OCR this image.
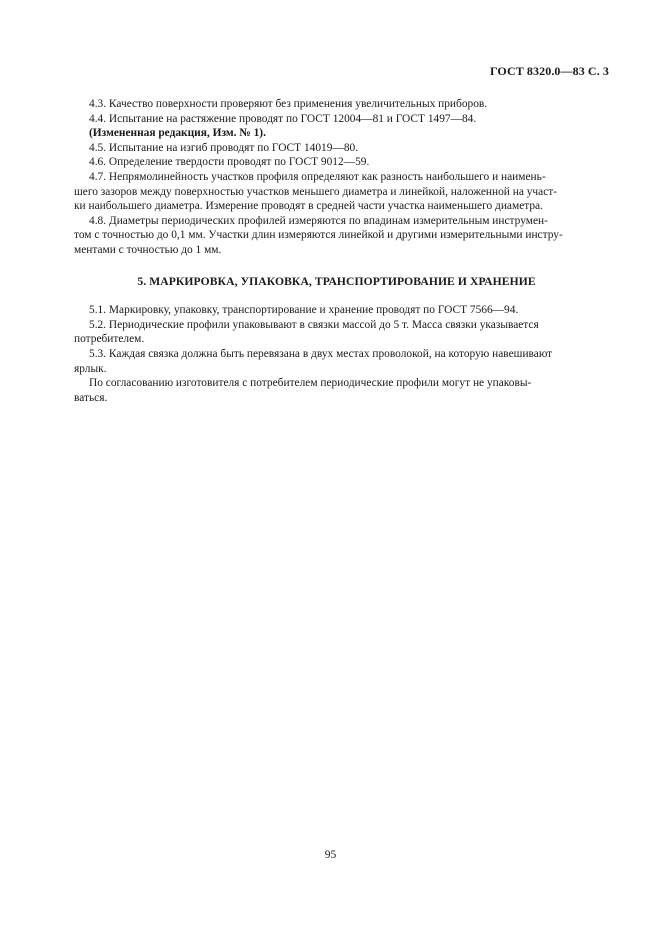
ГОСТ 8320.0—83 С. 3

4.3. Качество поверхности проверяют без применения увеличительных приборов.

4.4. Испытание на растяжение проводят по ГОСТ 12004—81 и ГОСТ 1497—84.

(Измененная редакция, Изм. № 1).

4.5. Испытание на изгиб проводят по ГОСТ 14019—80.

4.6. Определение твердости проводят по ГОСТ 9012—59.

4.7. Непрямолинейность участков профиля определяют как разность наибольшего и наимень-

шего зазоров между поверхностью участков меньшего диаметра и линейкой, наложенной на участ-

ки наибольшего диаметра. Измерение проводят в средней части участка наименьшего диаметра.

4.8. Диаметры периодических профилей измеряются по впадинам измерительным инструмен-

том с точностью до 0,1 мм. Участки длин измеряются линейкой и другими измерительными инстру-

ментами с точностью до 1 мм.

5. МАРКИРОВКА, УПАКОВКА, ТРАНСПОРТИРОВАНИЕ И ХРАНЕНИЕ

5.1. Маркировку, упаковку, транспортирование и хранение проводят по ГОСТ 7566—94.

5.2. Периодические профили упаковывают в связки массой до 5 т. Масса связки указывается

потребителем.

5.3. Каждая связка должна быть перевязана в двух местах проволокой, на которую навешивают

ярлык.

По согласованию изготовителя с потребителем периодические профили могут не упаковы-

ваться.

95
